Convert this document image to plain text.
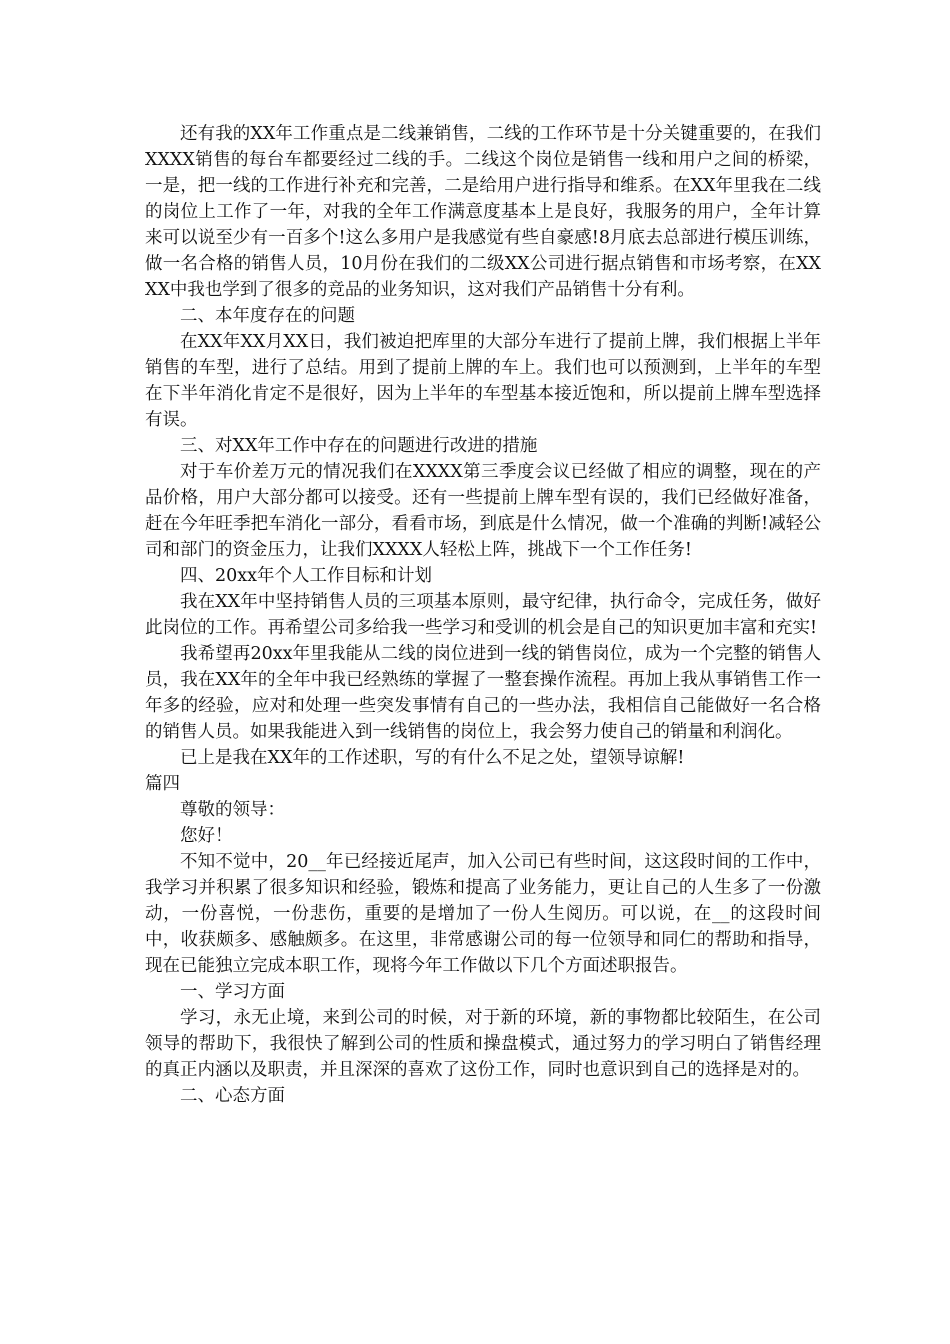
还有我的XX年工作重点是二线兼销售，二线的工作环节是十分关键重要的，在我们XXXX销售的每台车都要经过二线的手。二线这个岗位是销售一线和用户之间的桥梁，一是，把一线的工作进行补充和完善，二是给用户进行指导和维系。在XX年里我在二线的岗位上工作了一年，对我的全年工作满意度基本上是良好，我服务的用户，全年计算来可以说至少有一百多个!这么多用户是我感觉有些自豪感!8月底去总部进行模压训练，做一名合格的销售人员，10月份在我们的二级XX公司进行据点销售和市场考察，在XXXX中我也学到了很多的竞品的业务知识，这对我们产品销售十分有利。

二、本年度存在的问题

在XX年XX月XX日，我们被迫把库里的大部分车进行了提前上牌，我们根据上半年销售的车型，进行了总结。用到了提前上牌的车上。我们也可以预测到，上半年的车型在下半年消化肯定不是很好，因为上半年的车型基本接近饱和，所以提前上牌车型选择有误。

三、对XX年工作中存在的问题进行改进的措施

对于车价差万元的情况我们在XXXX第三季度会议已经做了相应的调整，现在的产品价格，用户大部分都可以接受。还有一些提前上牌车型有误的，我们已经做好准备，赶在今年旺季把车消化一部分，看看市场，到底是什么情况，做一个准确的判断!减轻公司和部门的资金压力，让我们XXXX人轻松上阵，挑战下一个工作任务!

四、20xx年个人工作目标和计划

我在XX年中坚持销售人员的三项基本原则，最守纪律，执行命令，完成任务，做好此岗位的工作。再希望公司多给我一些学习和受训的机会是自己的知识更加丰富和充实!

我希望再20xx年里我能从二线的岗位进到一线的销售岗位，成为一个完整的销售人员，我在XX年的全年中我已经熟练的掌握了一整套操作流程。再加上我从事销售工作一年多的经验，应对和处理一些突发事情有自己的一些办法，我相信自己能做好一名合格的销售人员。如果我能进入到一线销售的岗位上，我会努力使自己的销量和利润化。

已上是我在XX年的工作述职，写的有什么不足之处，望领导谅解!

篇四

尊敬的领导：

您好！

不知不觉中，20__年已经接近尾声，加入公司已有些时间，这这段时间的工作中，我学习并积累了很多知识和经验，锻炼和提高了业务能力，更让自己的人生多了一份激动，一份喜悦，一份悲伤，重要的是增加了一份人生阅历。可以说，在__的这段时间中，收获颇多、感触颇多。在这里，非常感谢公司的每一位领导和同仁的帮助和指导，现在已能独立完成本职工作，现将今年工作做以下几个方面述职报告。

一、学习方面

学习，永无止境，来到公司的时候，对于新的环境，新的事物都比较陌生，在公司领导的帮助下，我很快了解到公司的性质和操盘模式，通过努力的学习明白了销售经理的真正内涵以及职责，并且深深的喜欢了这份工作，同时也意识到自己的选择是对的。

二、心态方面
